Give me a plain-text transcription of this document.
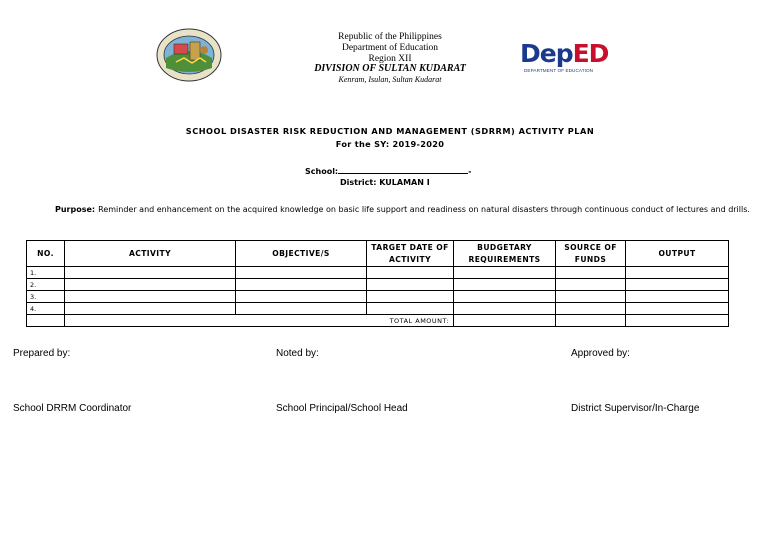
Republic of the Philippines
Department of Education
Region XII
DIVISION OF SULTAN KUDARAT
Kenram, Isulan, Sultan Kudarat
DepED
DEPARTMENT OF EDUCATION
SCHOOL DISASTER RISK REDUCTION AND MANAGEMENT (SDRRM) ACTIVITY PLAN
For the SY: 2019-2020
School:	-
District: KULAMAN I
Purpose: Reminder and enhancement on the acquired knowledge on basic life support and readiness on natural disasters through continuous conduct of lectures and drills.
NO.	ACTIVITY	OBJECTIVE/S	TARGET DATE OF ACTIVITY	BUDGETARY REQUIREMENTS	SOURCE OF FUNDS	OUTPUT
1.						
2.						
3.						
4.						
	TOTAL AMOUNT:					
Prepared by:	Noted by:	Approved by:
School DRRM Coordinator	School Principal/School Head	District Supervisor/In-Charge
